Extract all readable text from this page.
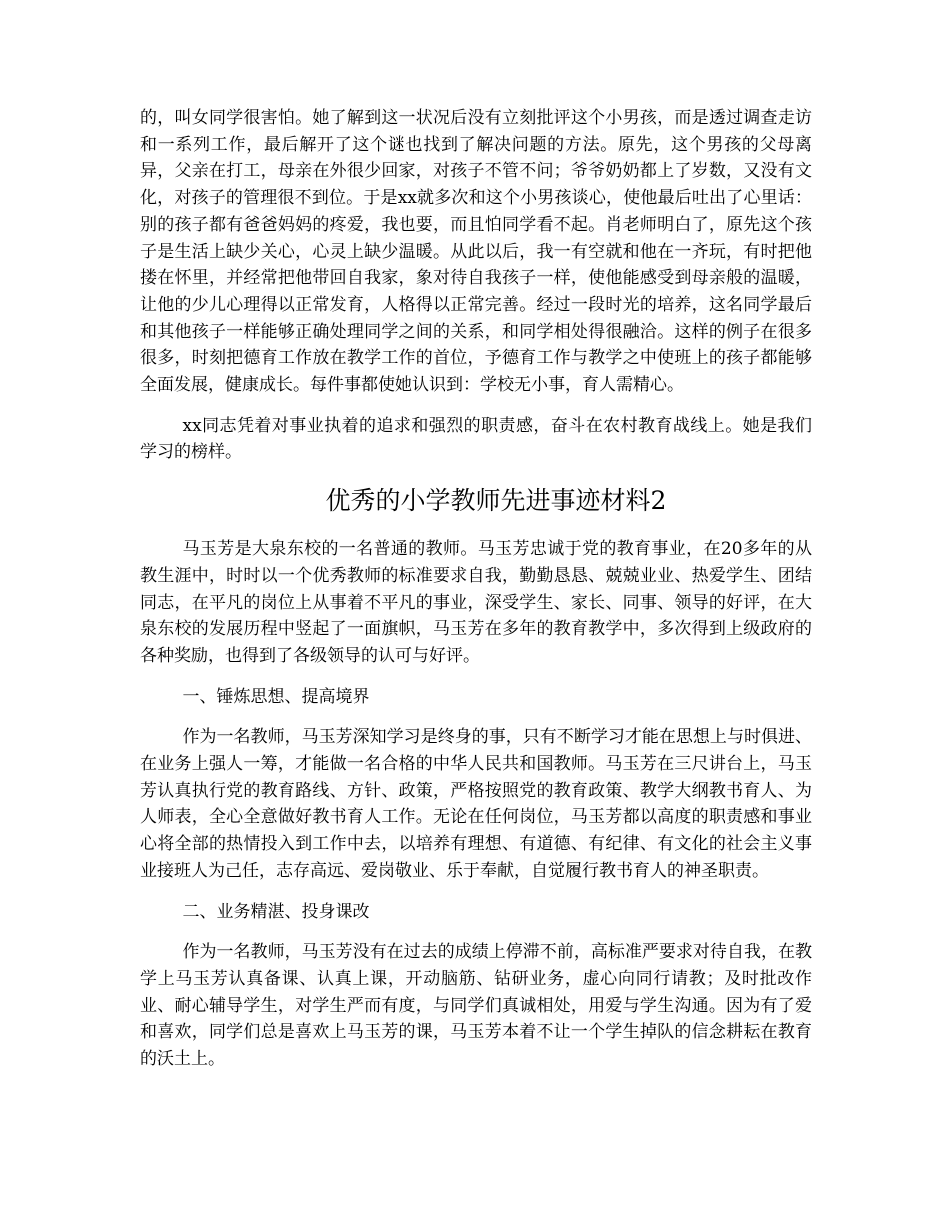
的，叫女同学很害怕。她了解到这一状况后没有立刻批评这个小男孩，而是透过调查走访和一系列工作，最后解开了这个谜也找到了解决问题的方法。原先，这个男孩的父母离异，父亲在打工，母亲在外很少回家，对孩子不管不问；爷爷奶奶都上了岁数，又没有文化，对孩子的管理很不到位。于是xx就多次和这个小男孩谈心，使他最后吐出了心里话：别的孩子都有爸爸妈妈的疼爱，我也要，而且怕同学看不起。肖老师明白了，原先这个孩子是生活上缺少关心，心灵上缺少温暖。从此以后，我一有空就和他在一齐玩，有时把他搂在怀里，并经常把他带回自我家，象对待自我孩子一样，使他能感受到母亲般的温暖，让他的少儿心理得以正常发育，人格得以正常完善。经过一段时光的培养，这名同学最后和其他孩子一样能够正确处理同学之间的关系，和同学相处得很融洽。这样的例子在很多很多，时刻把德育工作放在教学工作的首位，予德育工作与教学之中使班上的孩子都能够全面发展，健康成长。每件事都使她认识到：学校无小事，育人需精心。

xx同志凭着对事业执着的追求和强烈的职责感，奋斗在农村教育战线上。她是我们学习的榜样。

优秀的小学教师先进事迹材料2

马玉芳是大泉东校的一名普通的教师。马玉芳忠诚于党的教育事业，在20多年的从教生涯中，时时以一个优秀教师的标准要求自我，勤勤恳恳、兢兢业业、热爱学生、团结同志，在平凡的岗位上从事着不平凡的事业，深受学生、家长、同事、领导的好评，在大泉东校的发展历程中竖起了一面旗帜，马玉芳在多年的教育教学中，多次得到上级政府的各种奖励，也得到了各级领导的认可与好评。

一、锤炼思想、提高境界

作为一名教师，马玉芳深知学习是终身的事，只有不断学习才能在思想上与时俱进、在业务上强人一筹，才能做一名合格的中华人民共和国教师。马玉芳在三尺讲台上，马玉芳认真执行党的教育路线、方针、政策，严格按照党的教育政策、教学大纲教书育人、为人师表，全心全意做好教书育人工作。无论在任何岗位，马玉芳都以高度的职责感和事业心将全部的热情投入到工作中去，以培养有理想、有道德、有纪律、有文化的社会主义事业接班人为己任，志存高远、爱岗敬业、乐于奉献，自觉履行教书育人的神圣职责。

二、业务精湛、投身课改

作为一名教师，马玉芳没有在过去的成绩上停滞不前，高标准严要求对待自我，在教学上马玉芳认真备课、认真上课，开动脑筋、钻研业务，虚心向同行请教；及时批改作业、耐心辅导学生，对学生严而有度，与同学们真诚相处，用爱与学生沟通。因为有了爱和喜欢，同学们总是喜欢上马玉芳的课，马玉芳本着不让一个学生掉队的信念耕耘在教育的沃土上。
